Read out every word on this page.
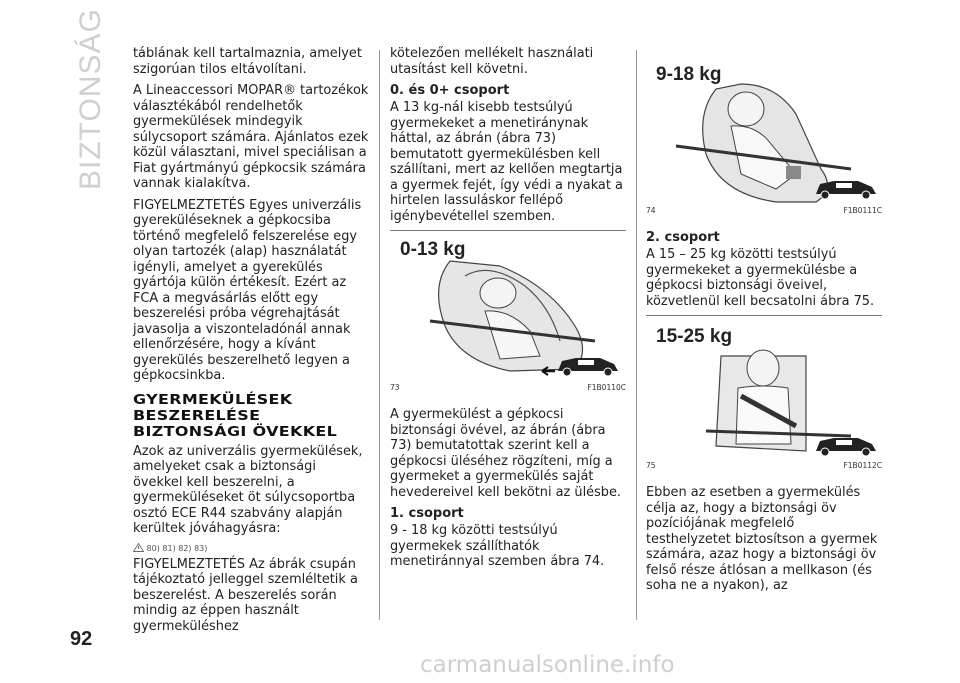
BIZTONSÁG
92

táblának kell tartalmaznia, amelyet szigorúan tilos eltávolítani.

A Lineaccessori MOPAR® tartozékok választékából rendelhetők gyermekülések mindegyik súlycsoport számára. Ajánlatos ezek közül választani, mivel speciálisan a Fiat gyártmányú gépkocsik számára vannak kialakítva.

FIGYELMEZTETÉS Egyes univerzális gyereküléseknek a gépkocsiba történő megfelelő felszerelése egy olyan tartozék (alap) használatát igényli, amelyet a gyerekülés gyártója külön értékesít. Ezért az FCA a megvásárlás előtt egy beszerelési próba végrehajtását javasolja a viszonteladónál annak ellenőrzésére, hogy a kívánt gyerekülés beszerelhető legyen a gépkocsinkba.

GYERMEKÜLÉSEK
BESZERELÉSE
BIZTONSÁGI ÖVEKKEL

Azok az univerzális gyermekülések, amelyeket csak a biztonsági övekkel kell beszerelni, a gyermeküléseket öt súlycsoportba osztó ECE R44 szabvány alapján kerültek jóváhagyásra:

80) 81) 82) 83)

FIGYELMEZTETÉS Az ábrák csupán tájékoztató jelleggel szemléltetik a beszerelést. A beszerelés során mindig az éppen használt gyermeküléshez

kötelezően mellékelt használati utasítást kell követni.

0. és 0+ csoport

A 13 kg-nál kisebb testsúlyú gyermekeket a menetiránynak háttal, az ábrán (ábra 73) bemutatott gyermekülésben kell szállítani, mert az kellően megtartja a gyermek fejét, így védi a nyakat a hirtelen lassuláskor fellépő igénybevétellel szemben.

0-13 kg
73	F1B0110C

A gyermekülést a gépkocsi biztonsági övével, az ábrán (ábra 73) bemutatottak szerint kell a gépkocsi üléséhez rögzíteni, míg a gyermeket a gyermekülés saját hevedereivel kell bekötni az ülésbe.

1. csoport

9 - 18 kg közötti testsúlyú gyermekek szállíthatók menetiránnyal szemben ábra 74.

9-18 kg
74	F1B0111C
2. csoport

A 15 – 25 kg közötti testsúlyú gyermekeket a gyermekülésbe a gépkocsi biztonsági öveivel, közvetlenül kell becsatolni ábra 75.

15-25 kg
75	F1B0112C

Ebben az esetben a gyermekülés célja az, hogy a biztonsági öv pozíciójának megfelelő testhelyzetet biztosítson a gyermek számára, azaz hogy a biztonsági öv felső része átlósan a mellkason (és soha ne a nyakon), az

carmanualsonline.info
